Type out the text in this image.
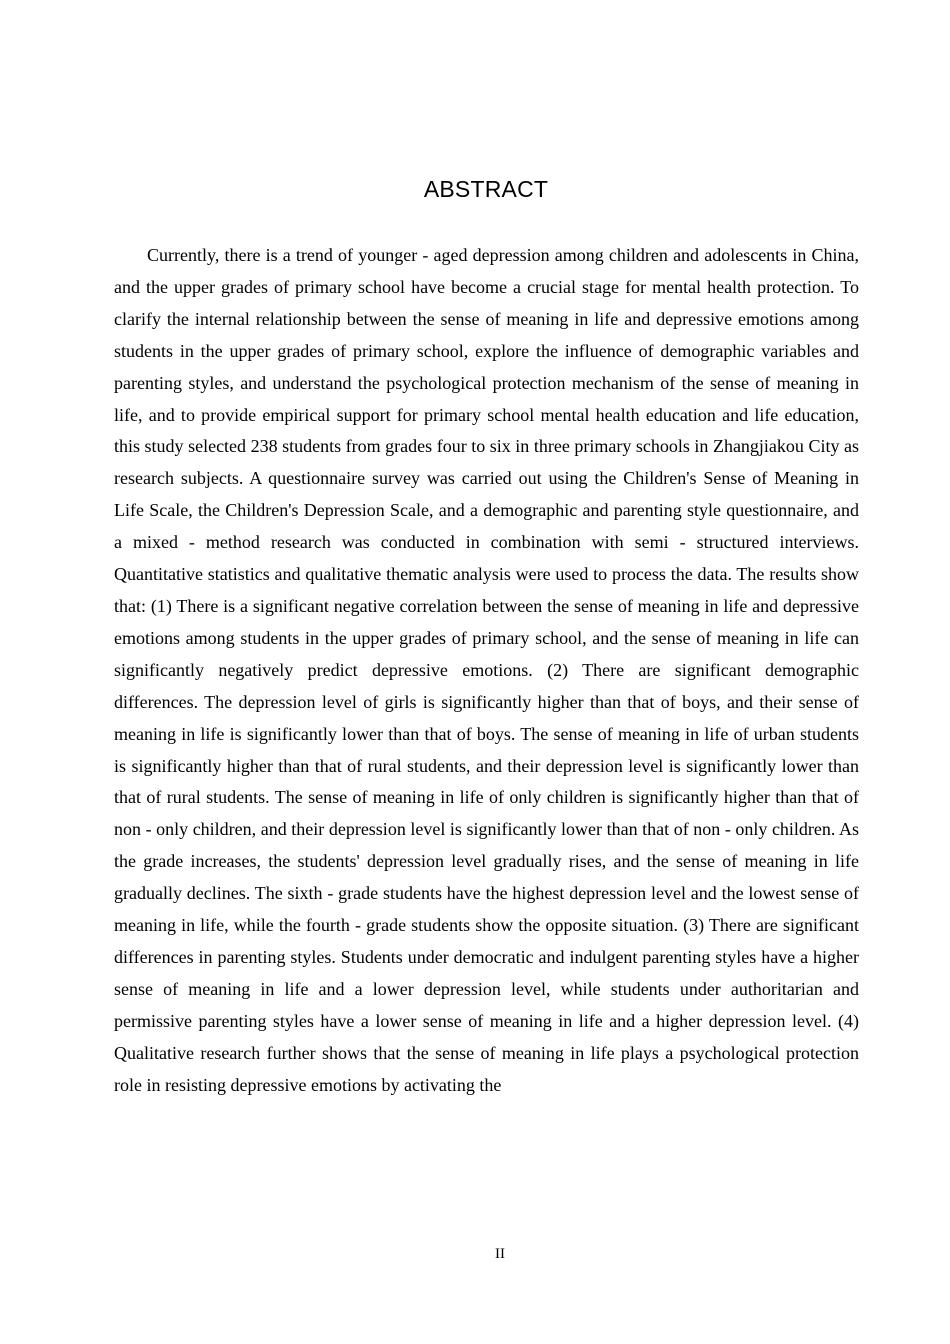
ABSTRACT

Currently, there is a trend of younger - aged depression among children and adolescents in China, and the upper grades of primary school have become a crucial stage for mental health protection. To clarify the internal relationship between the sense of meaning in life and depressive emotions among students in the upper grades of primary school, explore the influence of demographic variables and parenting styles, and understand the psychological protection mechanism of the sense of meaning in life, and to provide empirical support for primary school mental health education and life education, this study selected 238 students from grades four to six in three primary schools in Zhangjiakou City as research subjects. A questionnaire survey was carried out using the Children's Sense of Meaning in Life Scale, the Children's Depression Scale, and a demographic and parenting style questionnaire, and a mixed - method research was conducted in combination with semi - structured interviews. Quantitative statistics and qualitative thematic analysis were used to process the data. The results show that: (1) There is a significant negative correlation between the sense of meaning in life and depressive emotions among students in the upper grades of primary school, and the sense of meaning in life can significantly negatively predict depressive emotions. (2) There are significant demographic differences. The depression level of girls is significantly higher than that of boys, and their sense of meaning in life is significantly lower than that of boys. The sense of meaning in life of urban students is significantly higher than that of rural students, and their depression level is significantly lower than that of rural students. The sense of meaning in life of only children is significantly higher than that of non - only children, and their depression level is significantly lower than that of non - only children. As the grade increases, the students' depression level gradually rises, and the sense of meaning in life gradually declines. The sixth - grade students have the highest depression level and the lowest sense of meaning in life, while the fourth - grade students show the opposite situation. (3) There are significant differences in parenting styles. Students under democratic and indulgent parenting styles have a higher sense of meaning in life and a lower depression level, while students under authoritarian and permissive parenting styles have a lower sense of meaning in life and a higher depression level. (4) Qualitative research further shows that the sense of meaning in life plays a psychological protection role in resisting depressive emotions by activating the

II
